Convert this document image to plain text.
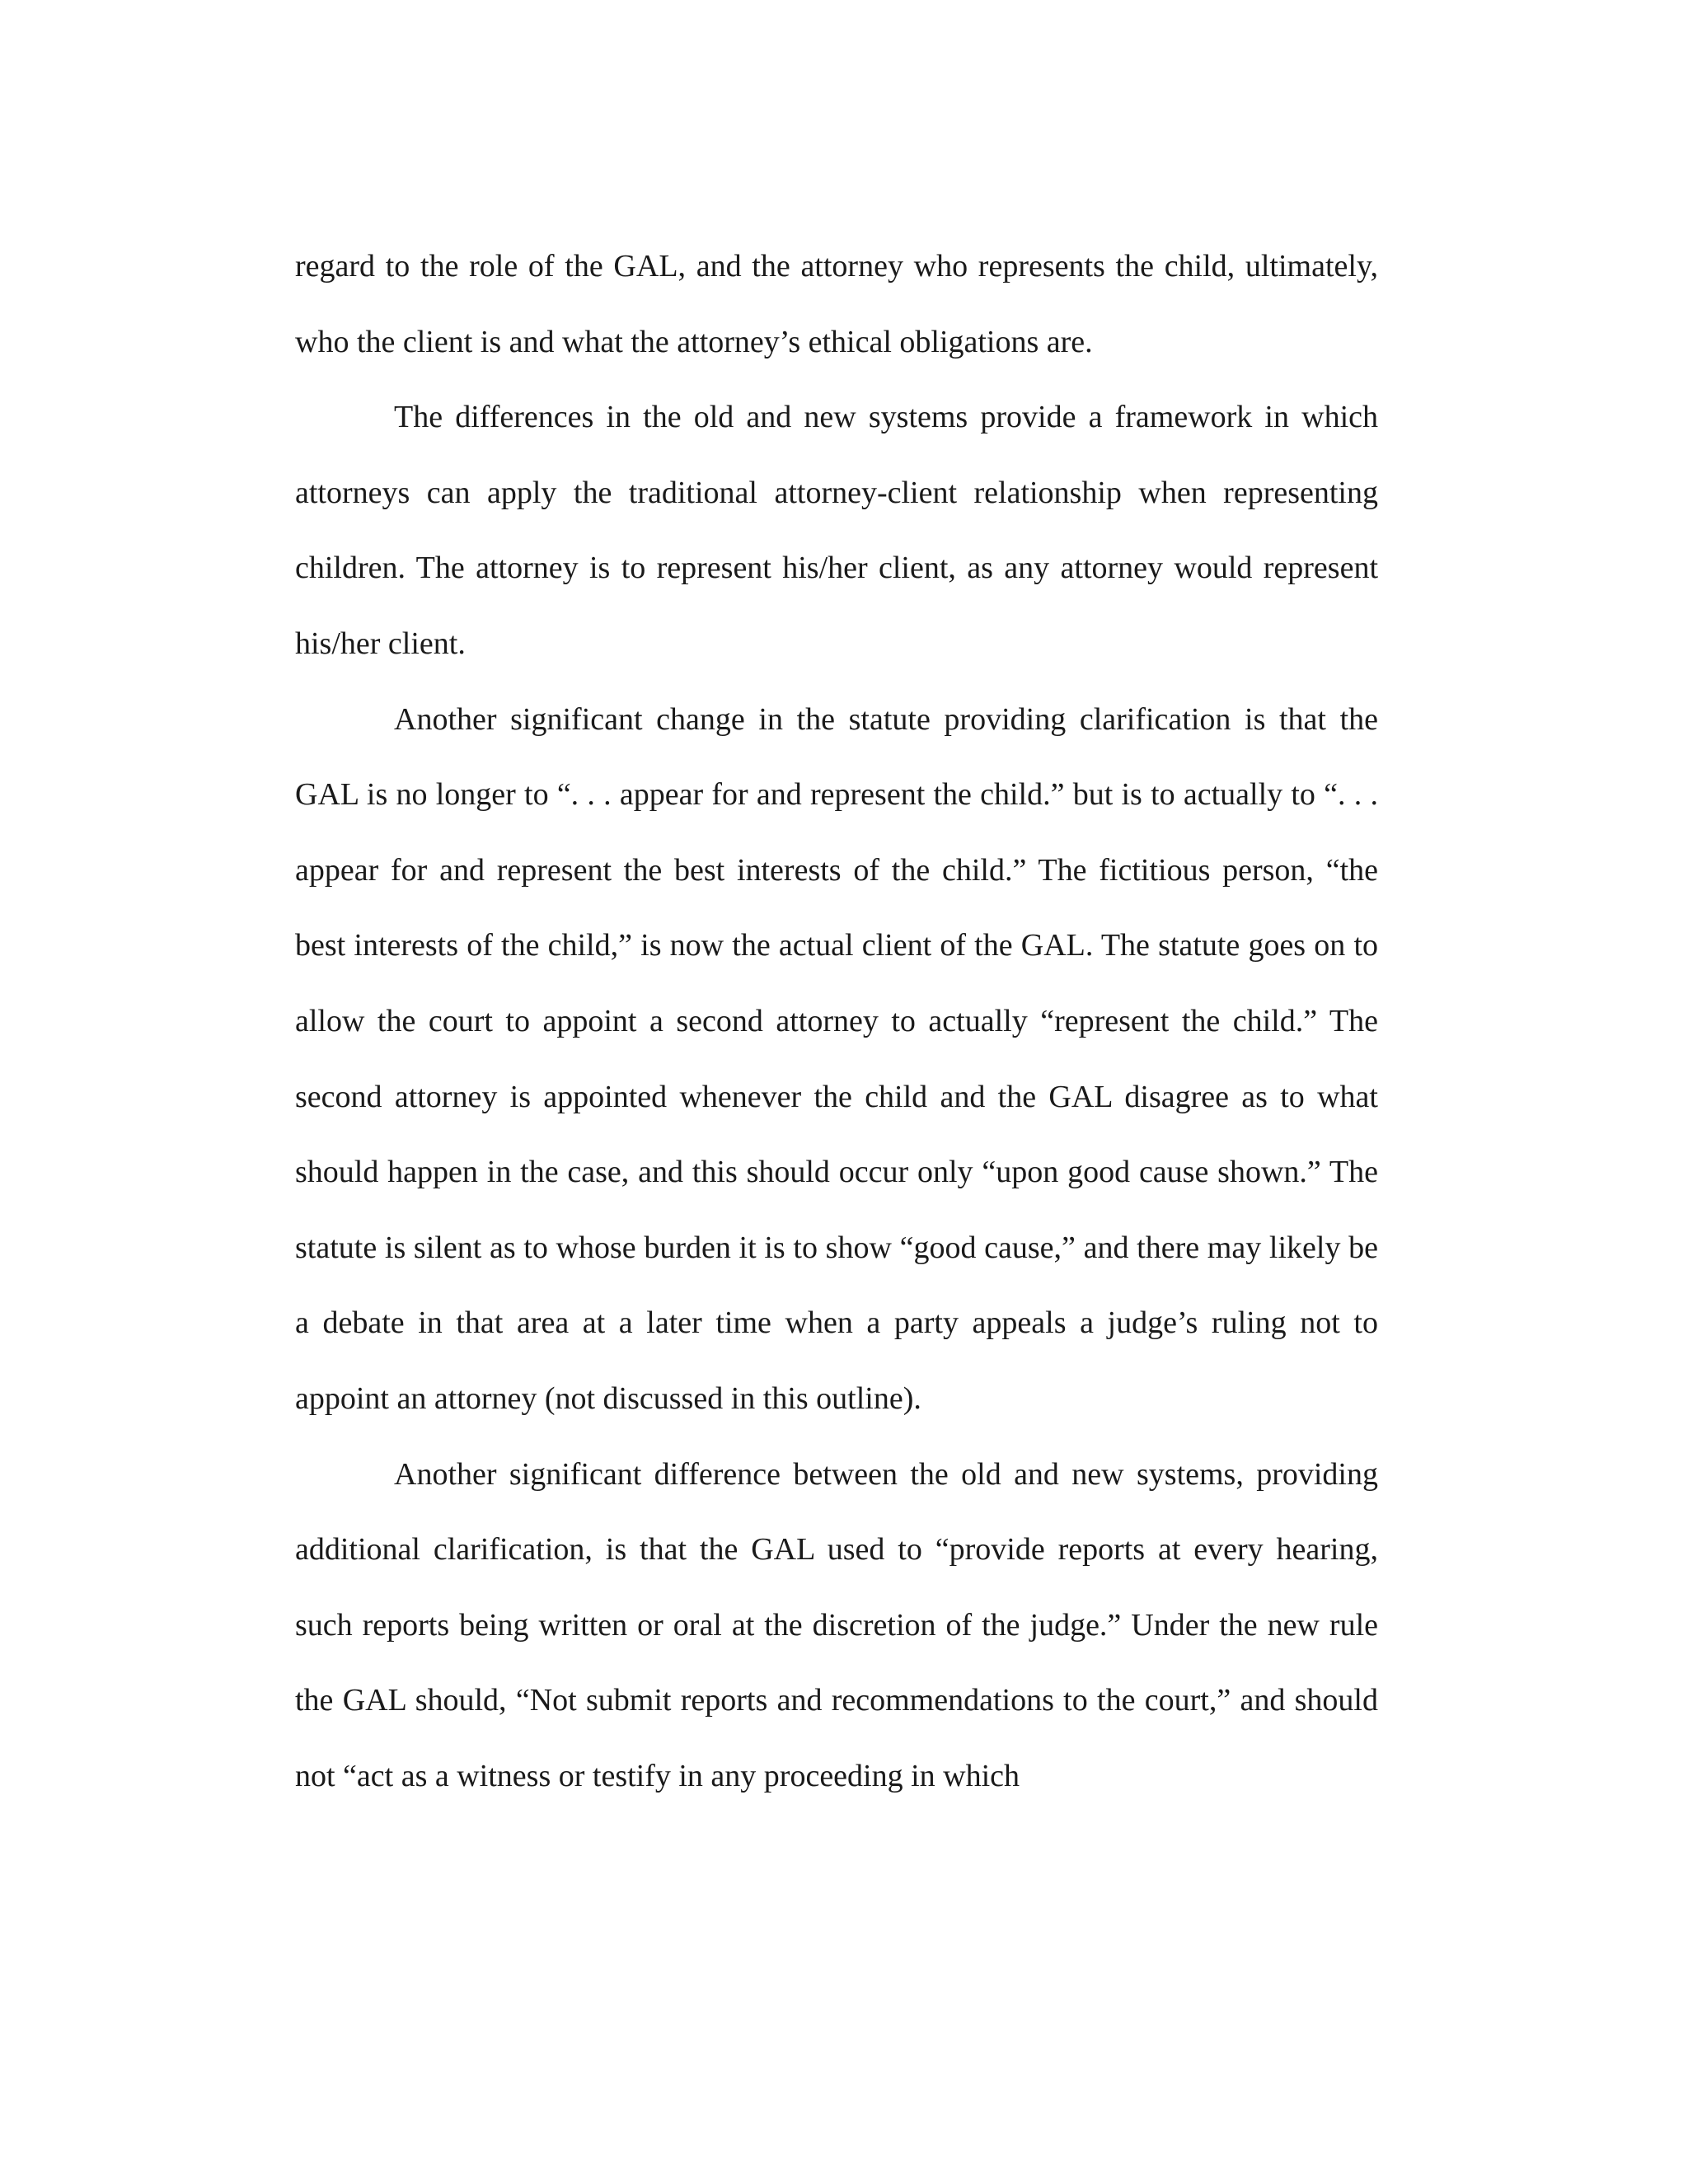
regard to the role of the GAL, and the attorney who represents the child, ultimately, who the client is and what the attorney’s ethical obligations are.

The differences in the old and new systems provide a framework in which attorneys can apply the traditional attorney-client relationship when representing children. The attorney is to represent his/her client, as any attorney would represent his/her client.

Another significant change in the statute providing clarification is that the GAL is no longer to “. . . appear for and represent the child.” but is to actually to “. . . appear for and represent the best interests of the child.” The fictitious person, “the best interests of the child,” is now the actual client of the GAL. The statute goes on to allow the court to appoint a second attorney to actually “represent the child.” The second attorney is appointed whenever the child and the GAL disagree as to what should happen in the case, and this should occur only “upon good cause shown.” The statute is silent as to whose burden it is to show “good cause,” and there may likely be a debate in that area at a later time when a party appeals a judge’s ruling not to appoint an attorney (not discussed in this outline).

Another significant difference between the old and new systems, providing additional clarification, is that the GAL used to “provide reports at every hearing, such reports being written or oral at the discretion of the judge.” Under the new rule the GAL should, “Not submit reports and recommendations to the court,” and should not “act as a witness or testify in any proceeding in which
